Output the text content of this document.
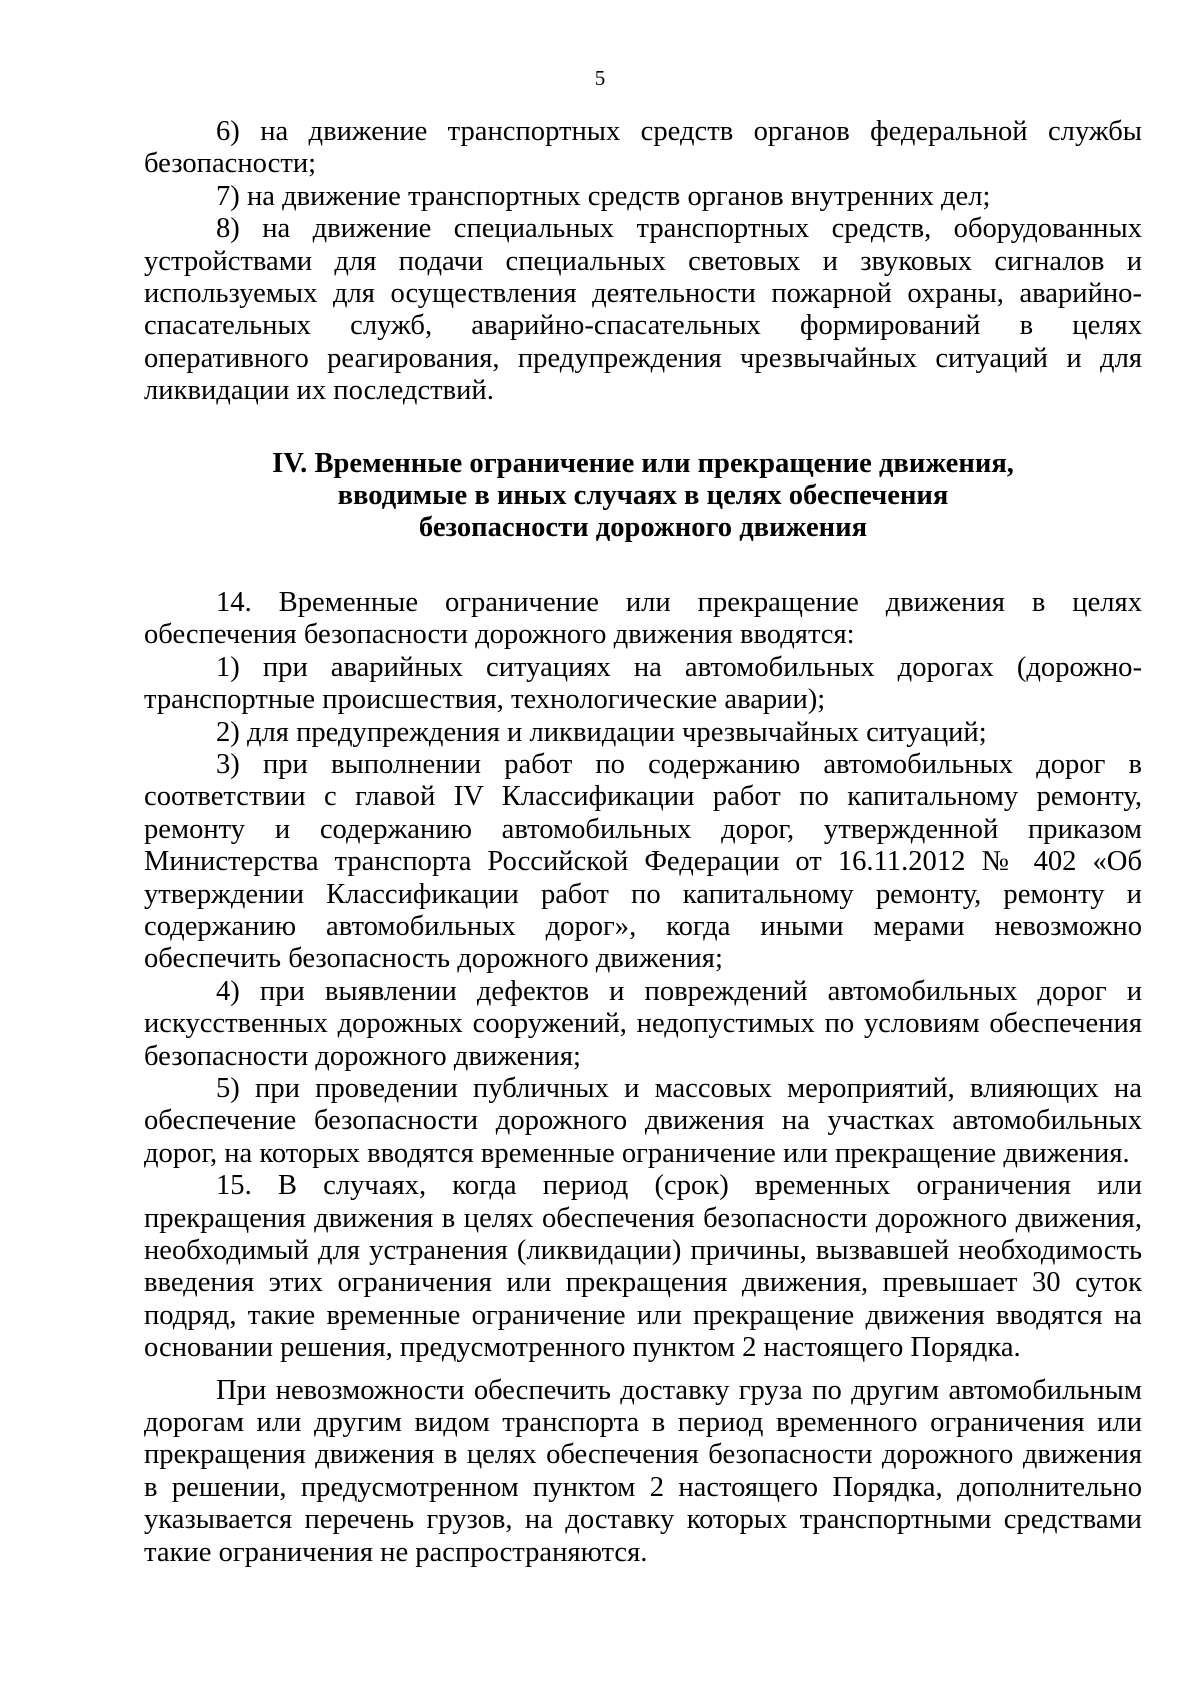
5

6) на движение транспортных средств органов федеральной службы безопасности;

7) на движение транспортных средств органов внутренних дел;

8) на движение специальных транспортных средств, оборудованных устройствами для подачи специальных световых и звуковых сигналов и используемых для осуществления деятельности пожарной охраны, аварийно-спасательных служб, аварийно-спасательных формирований в целях оперативного реагирования, предупреждения чрезвычайных ситуаций и для ликвидации их последствий.

IV. Временные ограничение или прекращение движения,
вводимые в иных случаях в целях обеспечения
безопасности дорожного движения

14. Временные ограничение или прекращение движения в целях обеспечения безопасности дорожного движения вводятся:

1) при аварийных ситуациях на автомобильных дорогах (дорожно-транспортные происшествия, технологические аварии);

2) для предупреждения и ликвидации чрезвычайных ситуаций;

3) при выполнении работ по содержанию автомобильных дорог в соответствии с главой IV Классификации работ по капитальному ремонту, ремонту и содержанию автомобильных дорог, утвержденной приказом Министерства транспорта Российской Федерации от 16.11.2012 № 402 «Об утверждении Классификации работ по капитальному ремонту, ремонту и содержанию автомобильных дорог», когда иными мерами невозможно обеспечить безопасность дорожного движения;

4) при выявлении дефектов и повреждений автомобильных дорог и искусственных дорожных сооружений, недопустимых по условиям обеспечения безопасности дорожного движения;

5) при проведении публичных и массовых мероприятий, влияющих на обеспечение безопасности дорожного движения на участках автомобильных дорог, на которых вводятся временные ограничение или прекращение движения.

15. В случаях, когда период (срок) временных ограничения или прекращения движения в целях обеспечения безопасности дорожного движения, необходимый для устранения (ликвидации) причины, вызвавшей необходимость введения этих ограничения или прекращения движения, превышает 30 суток подряд, такие временные ограничение или прекращение движения вводятся на основании решения, предусмотренного пунктом 2 настоящего Порядка.

При невозможности обеспечить доставку груза по другим автомобильным дорогам или другим видом транспорта в период временного ограничения или прекращения движения в целях обеспечения безопасности дорожного движения в решении, предусмотренном пунктом 2 настоящего Порядка, дополнительно указывается перечень грузов, на доставку которых транспортными средствами такие ограничения не распространяются.
